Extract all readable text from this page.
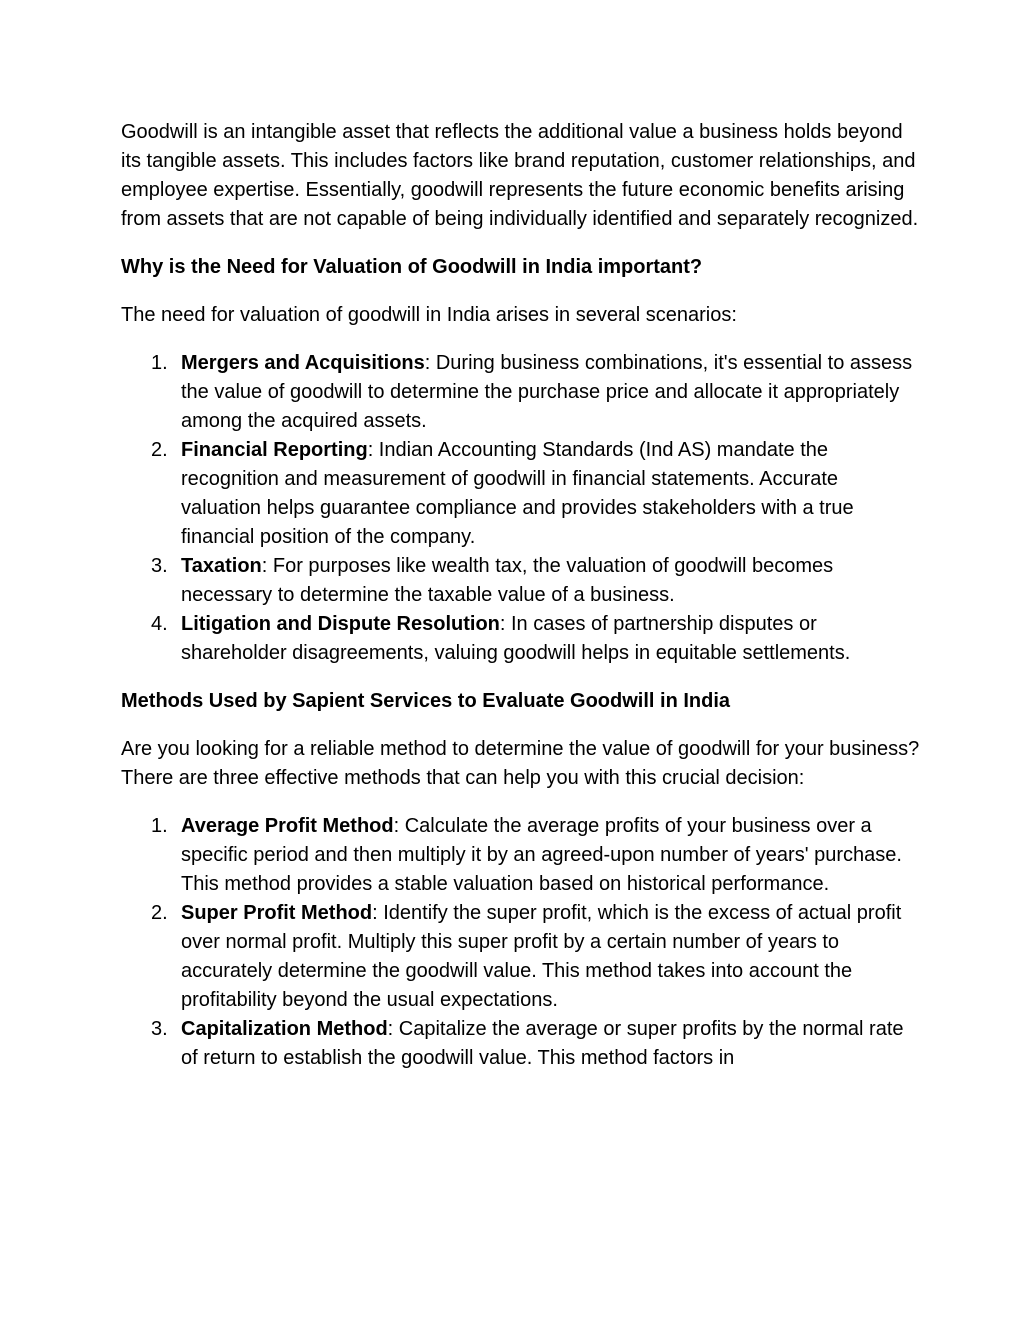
Goodwill is an intangible asset that reflects the additional value a business holds beyond its tangible assets. This includes factors like brand reputation, customer relationships, and employee expertise. Essentially, goodwill represents the future economic benefits arising from assets that are not capable of being individually identified and separately recognized.

Why is the Need for Valuation of Goodwill in India important?

The need for valuation of goodwill in India arises in several scenarios:

1. Mergers and Acquisitions: During business combinations, it's essential to assess the value of goodwill to determine the purchase price and allocate it appropriately among the acquired assets.
2. Financial Reporting: Indian Accounting Standards (Ind AS) mandate the recognition and measurement of goodwill in financial statements. Accurate valuation helps guarantee compliance and provides stakeholders with a true financial position of the company.
3. Taxation: For purposes like wealth tax, the valuation of goodwill becomes necessary to determine the taxable value of a business.
4. Litigation and Dispute Resolution: In cases of partnership disputes or shareholder disagreements, valuing goodwill helps in equitable settlements.

Methods Used by Sapient Services to Evaluate Goodwill in India

Are you looking for a reliable method to determine the value of goodwill for your business? There are three effective methods that can help you with this crucial decision:

1. Average Profit Method: Calculate the average profits of your business over a specific period and then multiply it by an agreed-upon number of years' purchase. This method provides a stable valuation based on historical performance.
2. Super Profit Method: Identify the super profit, which is the excess of actual profit over normal profit. Multiply this super profit by a certain number of years to accurately determine the goodwill value. This method takes into account the profitability beyond the usual expectations.
3. Capitalization Method: Capitalize the average or super profits by the normal rate of return to establish the goodwill value. This method factors in
